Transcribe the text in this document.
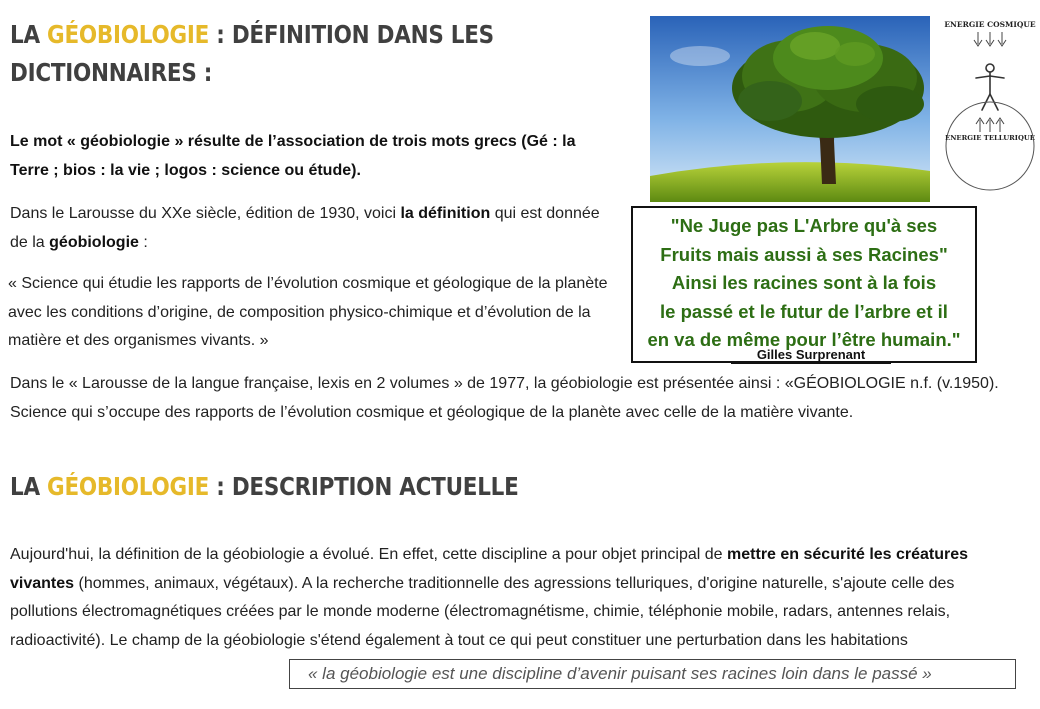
LA GÉOBIOLOGIE : DÉFINITION DANS LES
DICTIONNAIRES :

Le mot « géobiologie » résulte de l’association de trois mots grecs (Gé : la Terre ; bios : la vie ; logos : science ou étude).

Dans le Larousse du XXe siècle, édition de 1930, voici la définition qui est donnée de la géobiologie :

« Science qui étudie les rapports de l’évolution cosmique et géologique de la planète avec les conditions d’origine, de composition physico-chimique et d’évolution de la matière et des organismes vivants. »

Dans le « Larousse de la langue française, lexis en 2 volumes » de 1977, la géobiologie est présentée ainsi : «GÉOBIOLOGIE n.f. (v.1950). Science qui s’occupe des rapports de l’évolution cosmique et géologique de la planète avec celle de la matière vivante.

LA GÉOBIOLOGIE : DESCRIPTION ACTUELLE

Aujourd'hui, la définition de la géobiologie a évolué. En effet, cette discipline a pour objet principal de mettre en sécurité les créatures vivantes (hommes, animaux, végétaux). A la recherche traditionnelle des agressions telluriques, d'origine naturelle, s'ajoute celle des pollutions électromagnétiques créées par le monde moderne (électromagnétisme, chimie, téléphonie mobile, radars, antennes relais, radioactivité). Le champ de la géobiologie s'étend également à tout ce qui peut constituer une perturbation dans les habitations

ENERGIE COSMIQUE
ENERGIE TELLURIQUE
"Ne Juge pas L'Arbre qu'à ses
Fruits mais aussi à ses Racines"
Ainsi les racines sont à la fois
le passé et le futur de l’arbre et il
en va de même pour l’être humain."
Gilles Surprenant
« la géobiologie est une discipline d’avenir puisant ses racines loin dans le passé »
